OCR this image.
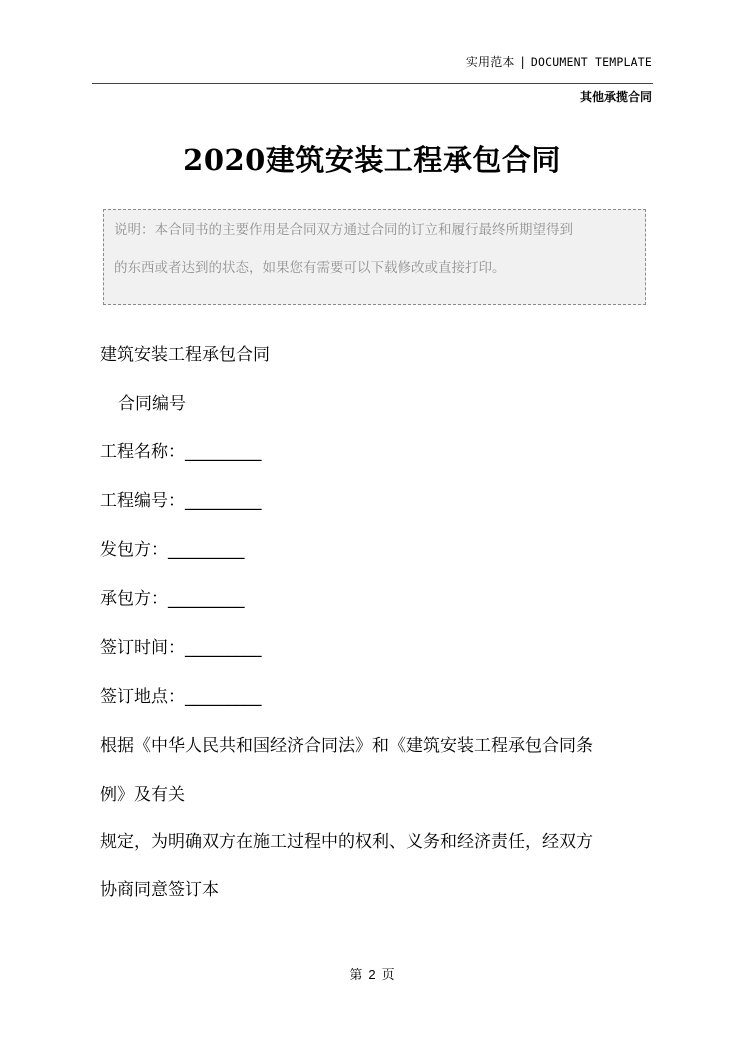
实用范本 | DOCUMENT TEMPLATE
其他承揽合同
2020建筑安装工程承包合同
说明：本合同书的主要作用是合同双方通过合同的订立和履行最终所期望得到
的东西或者达到的状态，如果您有需要可以下载修改或直接打印。
建筑安装工程承包合同
合同编号
工程名称：_________
工程编号：_________
发包方：_________
承包方：_________
签订时间：_________
签订地点：_________
根据《中华人民共和国经济合同法》和《建筑安装工程承包合同条
例》及有关
规定，为明确双方在施工过程中的权利、义务和经济责任，经双方
协商同意签订本
第 2 页
